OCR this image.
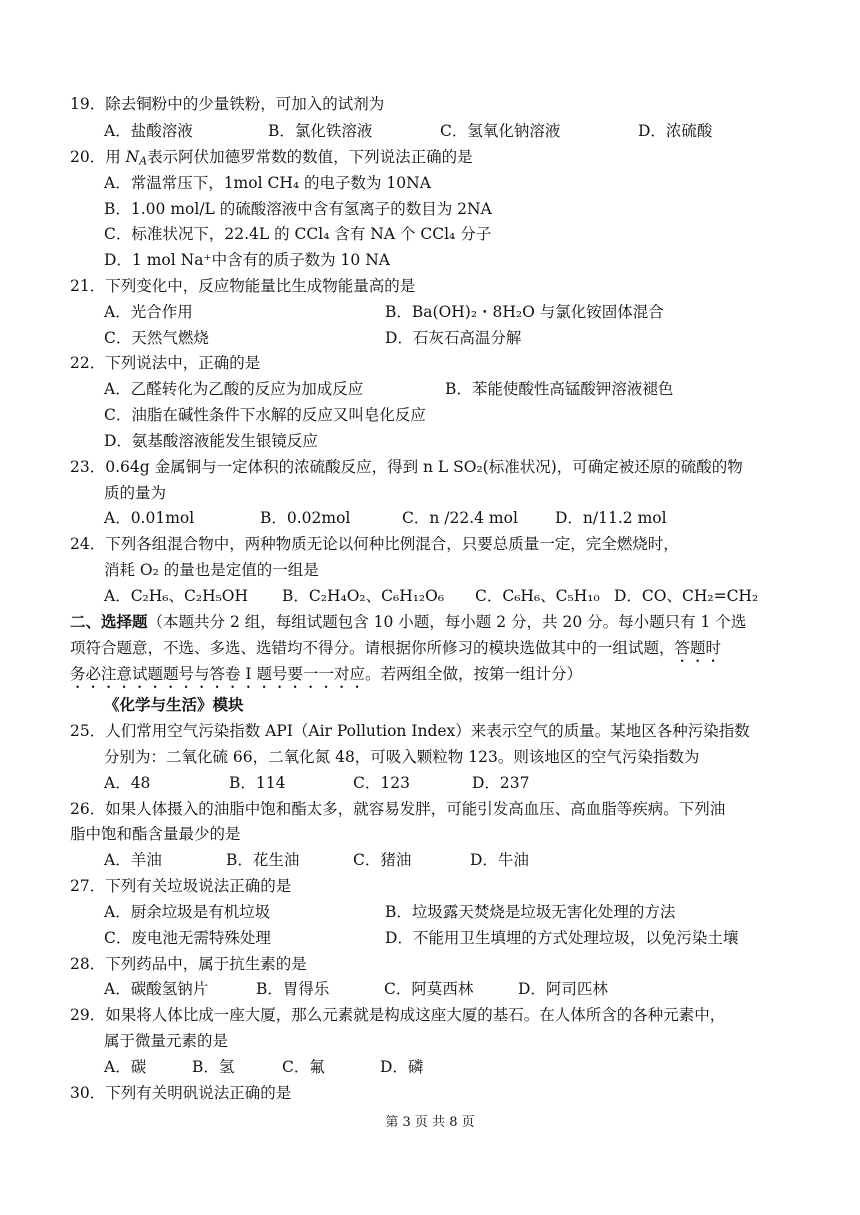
19．除去铜粉中的少量铁粉，可加入的试剂为
A．盐酸溶液	B．氯化铁溶液	C．氢氧化钠溶液	D．浓硫酸
20．用 $N_A$表示阿伏加德罗常数的数值，下列说法正确的是
A．常温常压下，1mol CH₄ 的电子数为 10NA
B．1.00 mol/L 的硫酸溶液中含有氢离子的数目为 2NA
C．标准状况下，22.4L 的 CCl₄ 含有 NA 个 CCl₄ 分子
D．1 mol Na⁺中含有的质子数为 10 NA
21．下列变化中，反应物能量比生成物能量高的是
A．光合作用	B．Ba(OH)₂・8H₂O 与氯化铵固体混合
C．天然气燃烧	D．石灰石高温分解
22．下列说法中，正确的是
A．乙醛转化为乙酸的反应为加成反应	B．苯能使酸性高锰酸钾溶液褪色
C．油脂在碱性条件下水解的反应又叫皂化反应
D．氨基酸溶液能发生银镜反应
23．0.64g 金属铜与一定体积的浓硫酸反应，得到 n L SO₂(标准状况)，可确定被还原的硫酸的物
质的量为
A．0.01mol	B．0.02mol	C．n /22.4 mol D．n/11.2 mol
24．下列各组混合物中，两种物质无论以何种比例混合，只要总质量一定，完全燃烧时，
消耗 O₂ 的量也是定值的一组是
A．C₂H₆、C₂H₅OH B．C₂H₄O₂、C₆H₁₂O₆ C．C₆H₆、C₅H₁₀ D．CO、CH₂=CH₂
二、选择题（本题共分 2 组，每组试题包含 10 小题，每小题 2 分，共 20 分。每小题只有 1 个选
项符合题意，不选、多选、选错均不得分。请根据你所修习的模块选做其中的一组试题，答题时
务必注意试题题号与答卷 I 题号要一一对应。若两组全做，按第一组计分）
《化学与生活》模块
25．人们常用空气污染指数 API（Air Pollution Index）来表示空气的质量。某地区各种污染指数
分别为：二氧化硫 66，二氧化氮 48，可吸入颗粒物 123。则该地区的空气污染指数为
A．48	B．114	C．123	D．237
26．如果人体摄入的油脂中饱和酯太多，就容易发胖，可能引发高血压、高血脂等疾病。下列油
脂中饱和酯含量最少的是
A．羊油	B．花生油	C．猪油	D．牛油
27．下列有关垃圾说法正确的是
A．厨余垃圾是有机垃圾	B．垃圾露天焚烧是垃圾无害化处理的方法
C．废电池无需特殊处理	D．不能用卫生填埋的方式处理垃圾，以免污染土壤
28．下列药品中，属于抗生素的是
A．碳酸氢钠片	B．胃得乐	C．阿莫西林	D．阿司匹林
29．如果将人体比成一座大厦，那么元素就是构成这座大厦的基石。在人体所含的各种元素中，
属于微量元素的是
A．碳	B．氢	C．氟	D．磷
30．下列有关明矾说法正确的是
第 3 页 共 8 页
